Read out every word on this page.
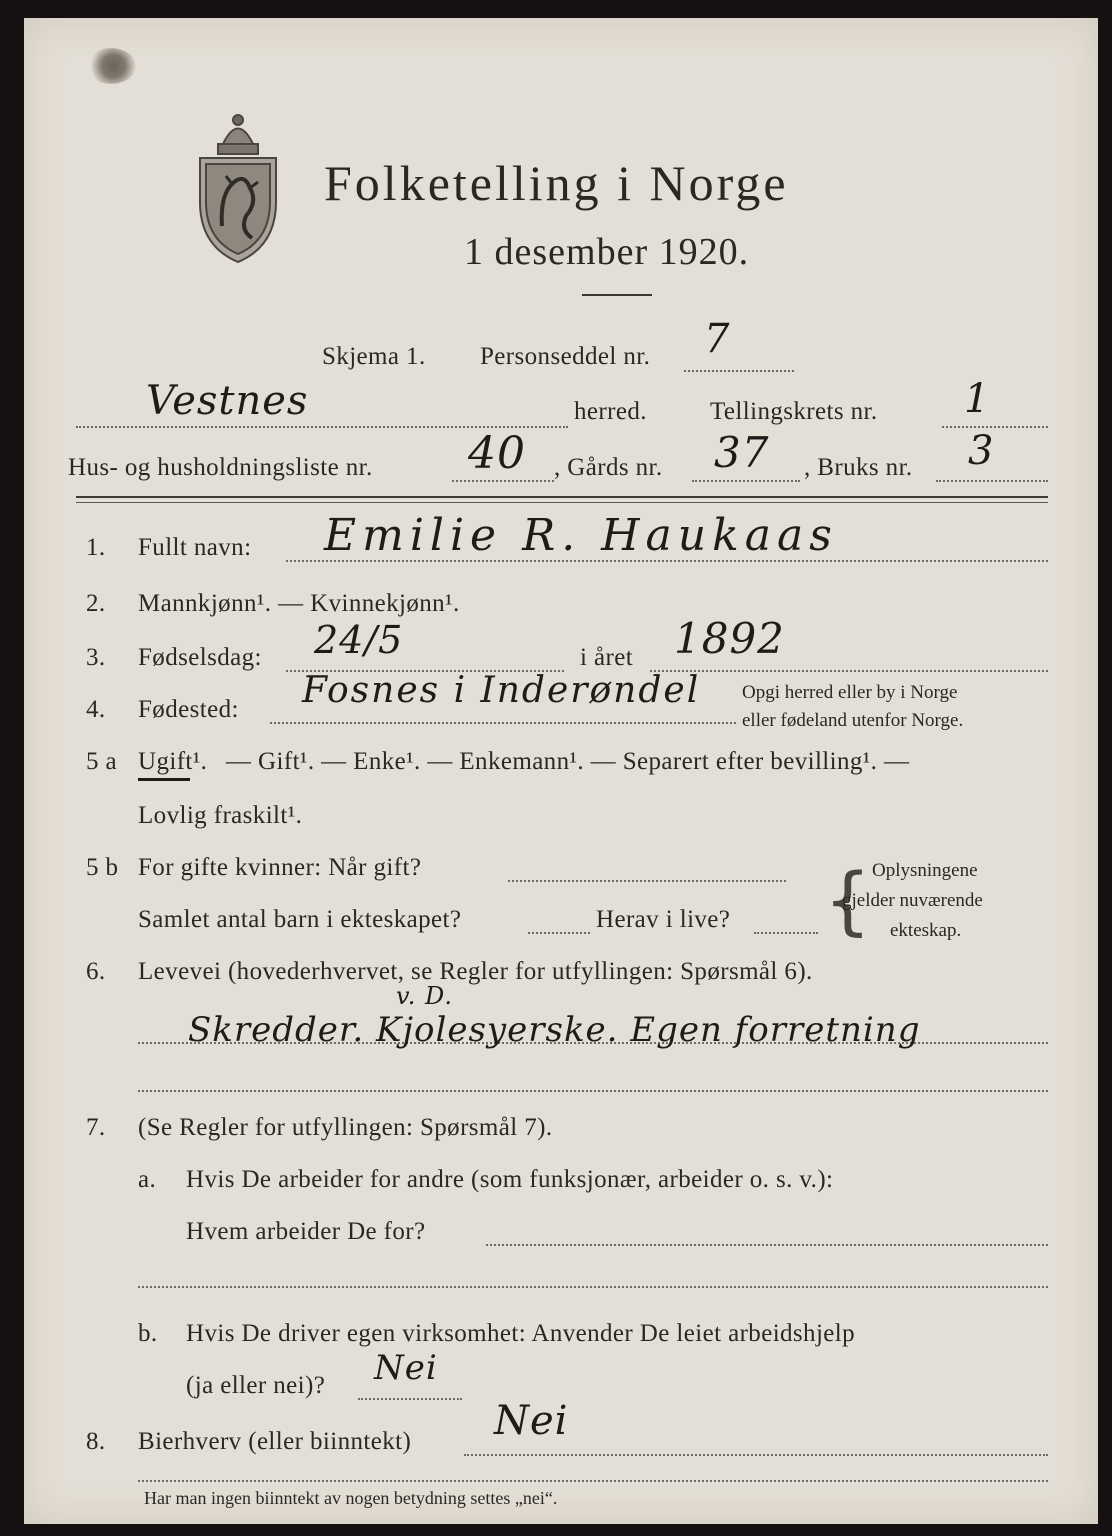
Folketelling i Norge
1 desember 1920.
Skjema 1. Personseddel nr. 7
Vestnes	herred.	Tellingskrets nr. 1
Hus- og husholdningsliste nr. 40 , Gårds nr. 37 , Bruks nr. 3
1. Fullt navn: Emilie R. Haukaas
2. Mannkjønn¹. — Kvinnekjønn¹.
3. Fødselsdag: 24/5	i året 1892
4. Fødested: Fosnes i Inderøndel Opgi herred eller by i Norge
eller fødeland utenfor Norge.
5 a Ugift¹. — Gift¹. — Enke¹. — Enkemann¹. — Separert efter bevilling¹. —
Lovlig fraskilt¹.
5 b For gifte kvinner: Når gift?
Samlet antal barn i ekteskapet?	Herav i live? { Oplysningene
gjelder nuværende
ekteskap.
6. Levevei (hovederhvervet, se Regler for utfyllingen: Spørsmål 6).
Skredder. Kjolesyerske. Egen forretning
v. D.
7. (Se Regler for utfyllingen: Spørsmål 7).
a. Hvis De arbeider for andre (som funksjonær, arbeider o. s. v.):
Hvem arbeider De for?
b. Hvis De driver egen virksomhet: Anvender De leiet arbeidshjelp
(ja eller nei)? Nei
8. Bierhverv (eller biinntekt) Nei
Har man ingen biinntekt av nogen betydning settes „nei“.
